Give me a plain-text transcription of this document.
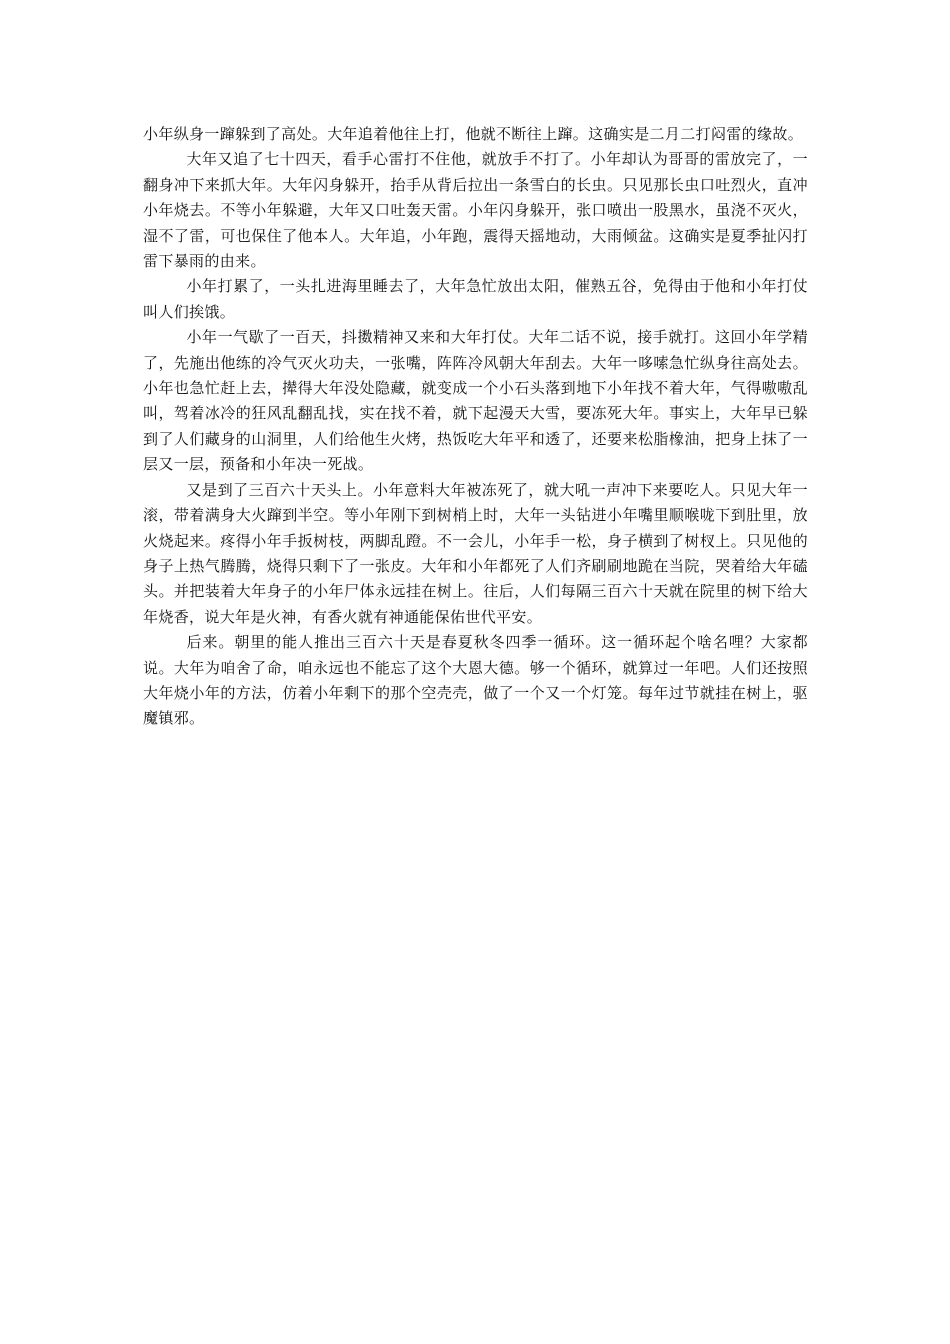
小年纵身一蹿躲到了高处。大年追着他往上打，他就不断往上蹿。这确实是二月二打闷雷的缘故。

大年又追了七十四天，看手心雷打不住他，就放手不打了。小年却认为哥哥的雷放完了，一翻身冲下来抓大年。大年闪身躲开，抬手从背后拉出一条雪白的长虫。只见那长虫口吐烈火，直冲小年烧去。不等小年躲避，大年又口吐轰天雷。小年闪身躲开，张口喷出一股黑水，虽浇不灭火，湿不了雷，可也保住了他本人。大年追，小年跑，震得天摇地动，大雨倾盆。这确实是夏季扯闪打雷下暴雨的由来。

小年打累了，一头扎进海里睡去了，大年急忙放出太阳，催熟五谷，免得由于他和小年打仗叫人们挨饿。

小年一气歇了一百天，抖擞精神又来和大年打仗。大年二话不说，接手就打。这回小年学精了，先施出他练的冷气灭火功夫，一张嘴，阵阵冷风朝大年刮去。大年一哆嗦急忙纵身往高处去。小年也急忙赶上去，撵得大年没处隐藏，就变成一个小石头落到地下小年找不着大年，气得嗷嗷乱叫，驾着冰冷的狂风乱翻乱找，实在找不着，就下起漫天大雪，要冻死大年。事实上，大年早已躲到了人们藏身的山洞里，人们给他生火烤，热饭吃大年平和透了，还要来松脂橡油，把身上抹了一层又一层，预备和小年决一死战。

又是到了三百六十天头上。小年意料大年被冻死了，就大吼一声冲下来要吃人。只见大年一滚，带着满身大火蹿到半空。等小年刚下到树梢上时，大年一头钻进小年嘴里顺喉咙下到肚里，放火烧起来。疼得小年手扳树枝，两脚乱蹬。不一会儿，小年手一松，身子横到了树杈上。只见他的身子上热气腾腾，烧得只剩下了一张皮。大年和小年都死了人们齐刷刷地跪在当院，哭着给大年磕头。并把装着大年身子的小年尸体永远挂在树上。往后，人们每隔三百六十天就在院里的树下给大年烧香，说大年是火神，有香火就有神通能保佑世代平安。

后来。朝里的能人推出三百六十天是春夏秋冬四季一循环。这一循环起个啥名哩？大家都说。大年为咱舍了命，咱永远也不能忘了这个大恩大德。够一个循环，就算过一年吧。人们还按照大年烧小年的方法，仿着小年剩下的那个空壳壳，做了一个又一个灯笼。每年过节就挂在树上，驱魔镇邪。
